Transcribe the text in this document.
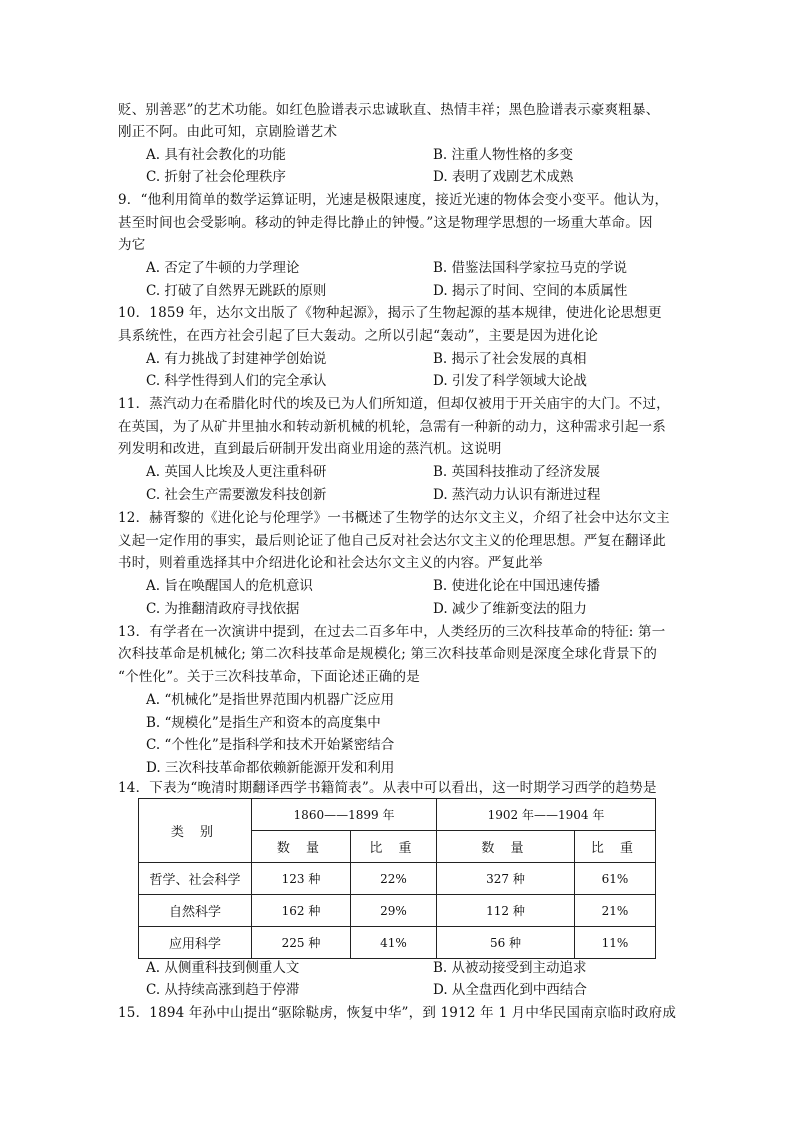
贬、别善恶”的艺术功能。如红色脸谱表示忠诚耿直、热情丰祥；黑色脸谱表示豪爽粗暴、
刚正不阿。由此可知，京剧脸谱艺术
A. 具有社会教化的功能	B. 注重人物性格的多变
C. 折射了社会伦理秩序	D. 表明了戏剧艺术成熟
9．“他利用简单的数学运算证明，光速是极限速度，接近光速的物体会变小变平。他认为，
甚至时间也会受影响。移动的钟走得比静止的钟慢。”这是物理学思想的一场重大革命。因
为它
A. 否定了牛顿的力学理论	B. 借鉴法国科学家拉马克的学说
C. 打破了自然界无跳跃的原则	D. 揭示了时间、空间的本质属性
10．1859 年，达尔文出版了《物种起源》，揭示了生物起源的基本规律，使进化论思想更
具系统性，在西方社会引起了巨大轰动。之所以引起“轰动”，主要是因为进化论
A. 有力挑战了封建神学创始说	B. 揭示了社会发展的真相
C. 科学性得到人们的完全承认	D. 引发了科学领域大论战
11．蒸汽动力在希腊化时代的埃及已为人们所知道，但却仅被用于开关庙宇的大门。不过，
在英国，为了从矿井里抽水和转动新机械的机轮，急需有一种新的动力，这种需求引起一系
列发明和改进，直到最后研制开发出商业用途的蒸汽机。这说明
A. 英国人比埃及人更注重科研	B. 英国科技推动了经济发展
C. 社会生产需要激发科技创新	D. 蒸汽动力认识有渐进过程
12．赫胥黎的《进化论与伦理学》一书概述了生物学的达尔文主义，介绍了社会中达尔文主
义起一定作用的事实，最后则论证了他自己反对社会达尔文主义的伦理思想。严复在翻译此
书时，则着重选择其中介绍进化论和社会达尔文主义的内容。严复此举
A. 旨在唤醒国人的危机意识	B. 使进化论在中国迅速传播
C. 为推翻清政府寻找依据	D. 减少了维新变法的阻力
13．有学者在一次演讲中提到，在过去二百多年中，人类经历的三次科技革命的特征: 第一
次科技革命是机械化; 第二次科技革命是规模化; 第三次科技革命则是深度全球化背景下的
“个性化”。关于三次科技革命，下面论述正确的是
A. “机械化”是指世界范围内机器广泛应用
B. “规模化”是指生产和资本的高度集中
C. “个性化”是指科学和技术开始紧密结合
D. 三次科技革命都依赖新能源开发和利用
14．下表为“晚清时期翻译西学书籍简表”。从表中可以看出，这一时期学习西学的趋势是
类 别	1860——1899 年		1902 年——1904 年	
	数 量	比 重	数 量	比 重
哲学、社会科学	123 种	22%	327 种	61%
自然科学	162 种	29%	112 种	21%
应用科学	225 种	41%	56 种	11%
A. 从侧重科技到侧重人文	B. 从被动接受到主动追求
C. 从持续高涨到趋于停滞	D. 从全盘西化到中西结合
15．1894 年孙中山提出“驱除鞑虏，恢复中华”，到 1912 年 1 月中华民国南京临时政府成
